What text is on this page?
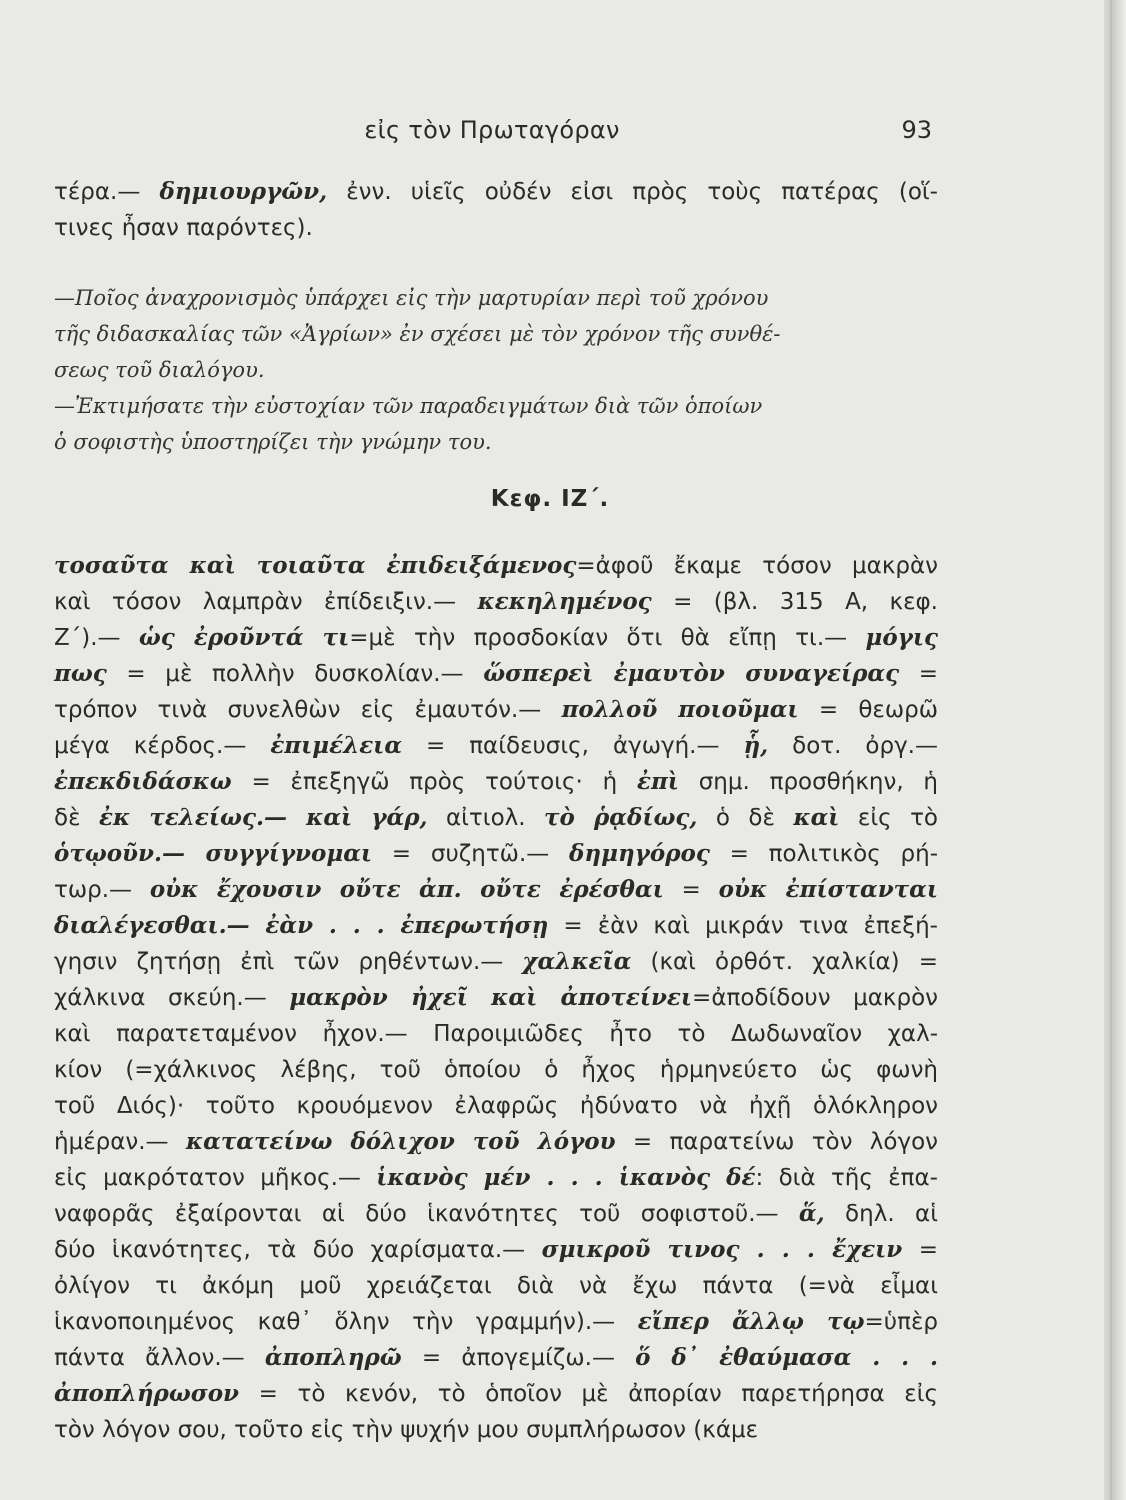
εἰς τὸν Πρωταγόραν	93
τέρα.— δημιουργῶν, ἐνν. υἱεῖς οὐδέν εἰσι πρὸς τοὺς πατέρας (οἵ-
τινες ἦσαν παρόντες).
—Ποῖος ἀναχρονισμὸς ὑπάρχει εἰς τὴν μαρτυρίαν περὶ τοῦ χρόνου
τῆς διδασκαλίας τῶν «Ἀγρίων» ἐν σχέσει μὲ τὸν χρόνον τῆς συνθέ-
σεως τοῦ διαλόγου.
—Ἐκτιμήσατε τὴν εὐστοχίαν τῶν παραδειγμάτων διὰ τῶν ὁποίων
ὁ σοφιστὴς ὑποστηρίζει τὴν γνώμην του.
Κεφ. ΙΖ΄.
τοσαῦτα καὶ τοιαῦτα ἐπιδειξάμενος=ἀφοῦ ἔκαμε τόσον μακρὰν
καὶ τόσον λαμπρὰν ἐπίδειξιν.— κεκηλημένος = (βλ. 315 Α, κεφ.
Ζ΄).— ὡς ἐροῦντά τι=μὲ τὴν προσδοκίαν ὅτι θὰ εἴπῃ τι.— μόγις
πως = μὲ πολλὴν δυσκολίαν.— ὥσπερεὶ ἐμαυτὸν συναγείρας =
τρόπον τινὰ συνελθὼν εἰς ἐμαυτόν.— πολλοῦ ποιοῦμαι = θεωρῶ
μέγα κέρδος.— ἐπιμέλεια = παίδευσις, ἀγωγή.— ᾗ, δοτ. ὀργ.—
ἐπεκδιδάσκω = ἐπεξηγῶ πρὸς τούτοις· ἡ ἐπὶ σημ. προσθήκην, ἡ
δὲ ἐκ τελείως.— καὶ γάρ, αἰτιολ. τὸ ῥᾳδίως, ὁ δὲ καὶ εἰς τὸ
ὁτῳοῦν.— συγγίγνομαι = συζητῶ.— δημηγόρος = πολιτικὸς ρή-
τωρ.— οὐκ ἔχουσιν οὔτε ἀπ. οὔτε ἐρέσθαι = οὐκ ἐπίστανται
διαλέγεσθαι.— ἐὰν . . . ἐπερωτήσῃ = ἐὰν καὶ μικράν τινα ἐπεξή-
γησιν ζητήσῃ ἐπὶ τῶν ρηθέντων.— χαλκεῖα (καὶ ὀρθότ. χαλκία) =
χάλκινα σκεύη.— μακρὸν ἠχεῖ καὶ ἀποτείνει=ἀποδίδουν μακρὸν
καὶ παρατεταμένον ἦχον.— Παροιμιῶδες ἦτο τὸ Δωδωναῖον χαλ-
κίον (=χάλκινος λέβης, τοῦ ὁποίου ὁ ἦχος ἡρμηνεύετο ὡς φωνὴ
τοῦ Διός)· τοῦτο κρουόμενον ἐλαφρῶς ἠδύνατο νὰ ἠχῇ ὁλόκληρον
ἡμέραν.— κατατείνω δόλιχον τοῦ λόγου = παρατείνω τὸν λόγον
εἰς μακρότατον μῆκος.— ἱκανὸς μέν . . . ἱκανὸς δέ: διὰ τῆς ἐπα-
ναφορᾶς ἐξαίρονται αἱ δύο ἱκανότητες τοῦ σοφιστοῦ.— ἅ, δηλ. αἱ
δύο ἱκανότητες, τὰ δύο χαρίσματα.— σμικροῦ τινος . . . ἔχειν =
ὀλίγον τι ἀκόμη μοῦ χρειάζεται διὰ νὰ ἔχω πάντα (=νὰ εἶμαι
ἱκανοποιημένος καθ᾿ ὅλην τὴν γραμμήν).— εἴπερ ἄλλῳ τῳ=ὑπὲρ
πάντα ἄλλον.— ἀποπληρῶ = ἀπογεμίζω.— ὅ δ᾿ ἐθαύμασα . . .
ἀποπλήρωσον = τὸ κενόν, τὸ ὁποῖον μὲ ἀπορίαν παρετήρησα εἰς
τὸν λόγον σου, τοῦτο εἰς τὴν ψυχήν μου συμπλήρωσον (κάμε
